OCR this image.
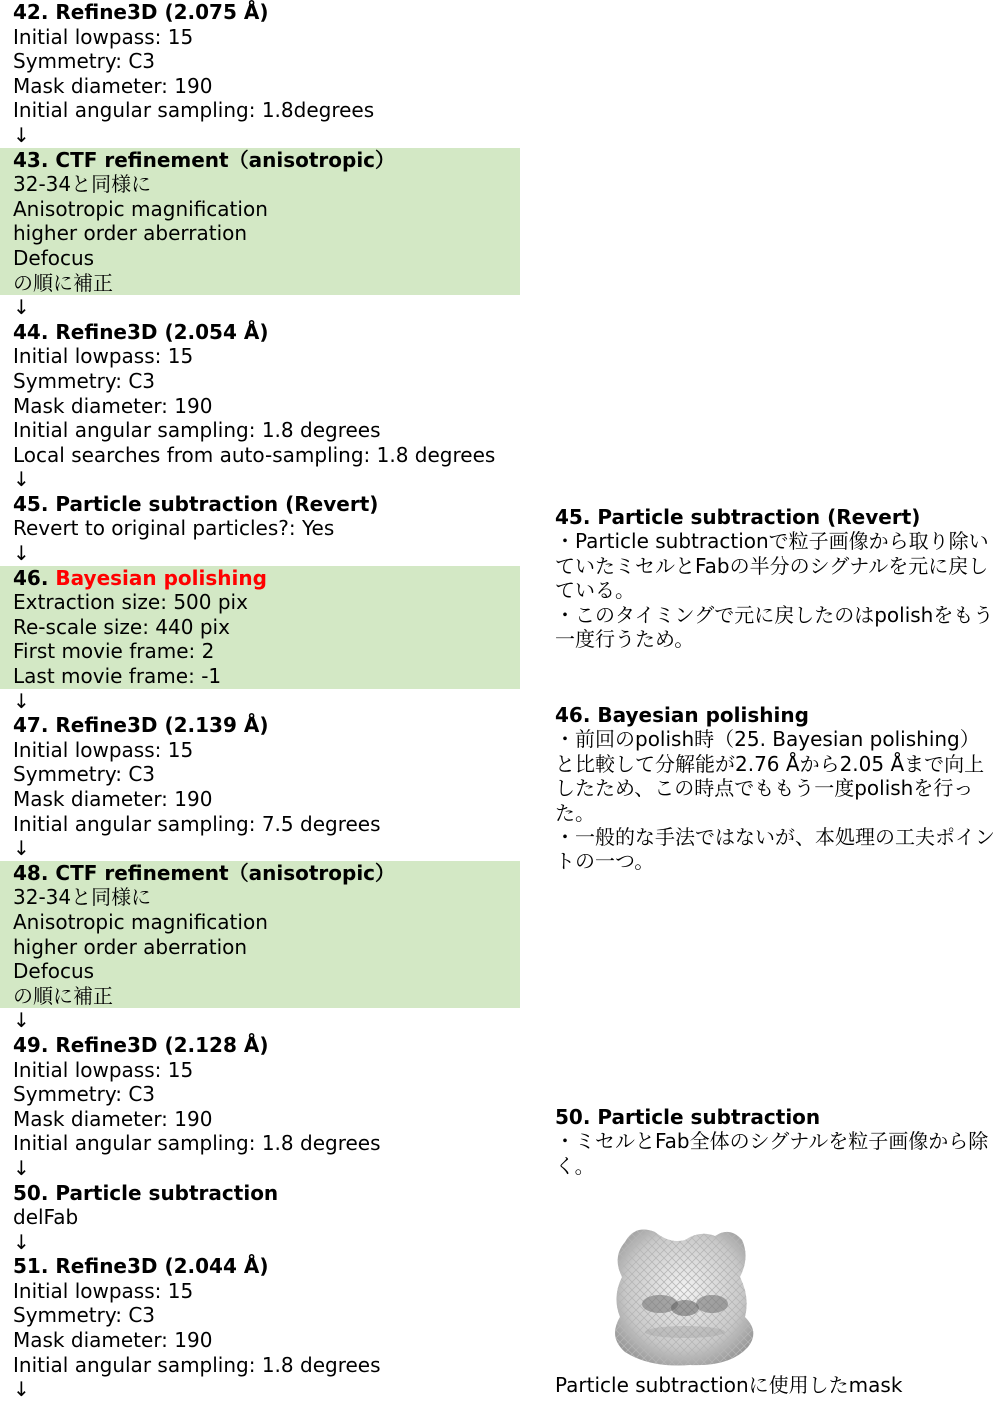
42. Refine3D (2.075 Å)
Initial lowpass: 15
Symmetry: C3
Mask diameter: 190
Initial angular sampling: 1.8degrees
↓
43. CTF refinement（anisotropic）
32-34と同様に
Anisotropic magnification
higher order aberration
Defocus
の順に補正
↓
44. Refine3D (2.054 Å)
Initial lowpass: 15
Symmetry: C3
Mask diameter: 190
Initial angular sampling: 1.8 degrees
Local searches from auto-sampling: 1.8 degrees
↓
45. Particle subtraction (Revert)
Revert to original particles?: Yes
↓
46. Bayesian polishing
Extraction size: 500 pix
Re-scale size: 440 pix
First movie frame: 2
Last movie frame: -1
↓
47. Refine3D (2.139 Å)
Initial lowpass: 15
Symmetry: C3
Mask diameter: 190
Initial angular sampling: 7.5 degrees
↓
48. CTF refinement（anisotropic）
32-34と同様に
Anisotropic magnification
higher order aberration
Defocus
の順に補正
↓
49. Refine3D (2.128 Å)
Initial lowpass: 15
Symmetry: C3
Mask diameter: 190
Initial angular sampling: 1.8 degrees
↓
50. Particle subtraction
delFab
↓
51. Refine3D (2.044 Å)
Initial lowpass: 15
Symmetry: C3
Mask diameter: 190
Initial angular sampling: 1.8 degrees
↓
45. Particle subtraction (Revert)
・Particle subtractionで粒子画像から取り除いていたミセルとFabの半分のシグナルを元に戻している。
・このタイミングで元に戻したのはpolishをもう一度行うため。
46. Bayesian polishing
・前回のpolish時（25. Bayesian polishing）と比較して分解能が2.76 Åから2.05 Åまで向上したため、この時点でももう一度polishを行った。
・一般的な手法ではないが、本処理の工夫ポイントの一つ。
50. Particle subtraction
・ミセルとFab全体のシグナルを粒子画像から除く。
Particle subtractionに使用したmask
